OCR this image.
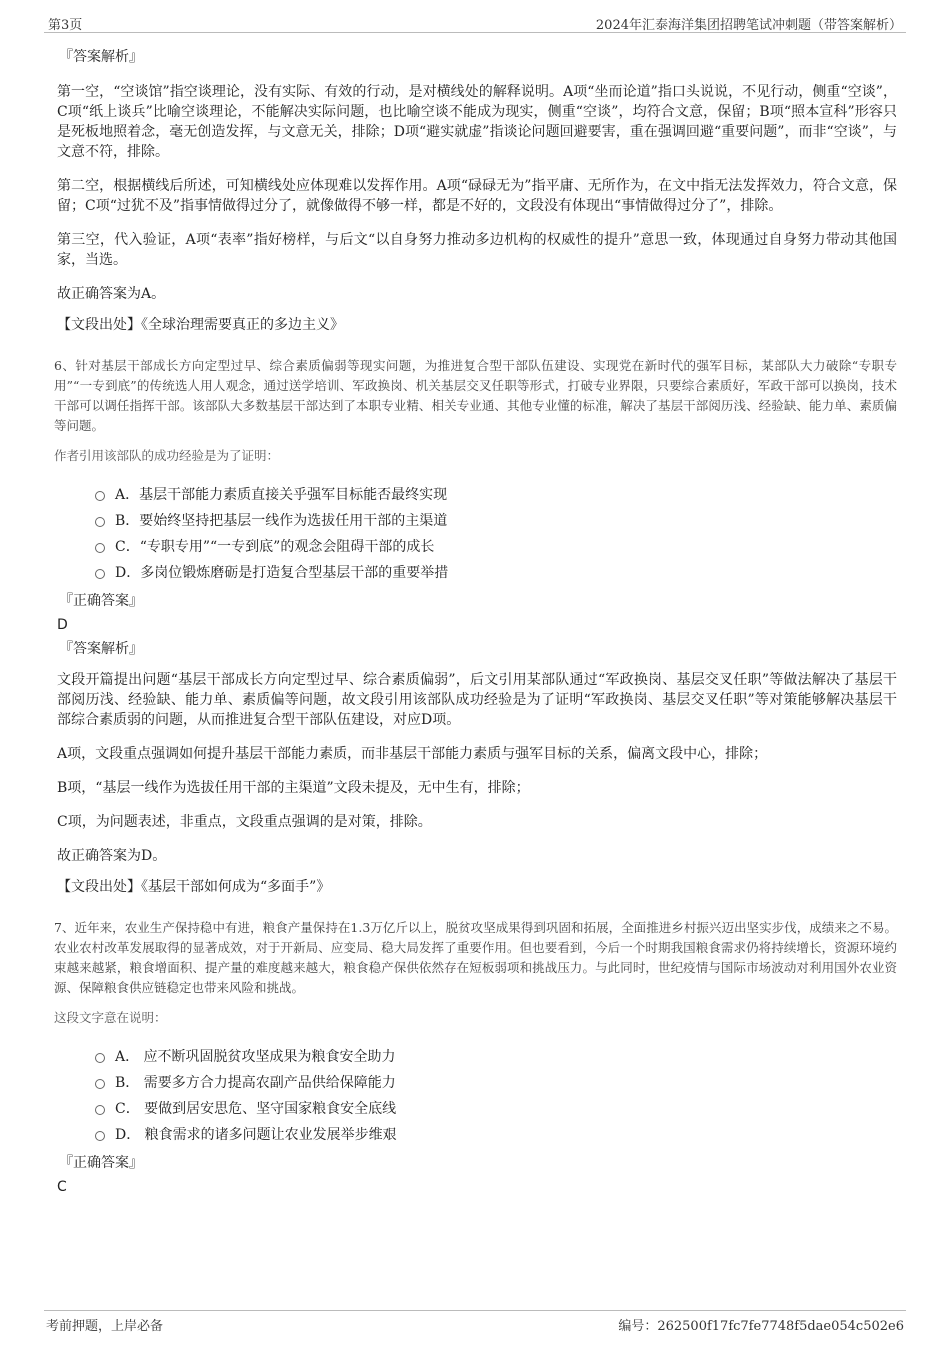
第3页	2024年汇泰海洋集团招聘笔试冲刺题（带答案解析）
『答案解析』

第一空，“空谈馆”指空谈理论，没有实际、有效的行动，是对横线处的解释说明。A项“坐而论道”指口头说说，不见行动，侧重“空谈”，C项“纸上谈兵”比喻空谈理论，不能解决实际问题，也比喻空谈不能成为现实，侧重“空谈”，均符合文意，保留；B项“照本宣科”形容只是死板地照着念，毫无创造发挥，与文意无关，排除；D项“避实就虚”指谈论问题回避要害，重在强调回避“重要问题”，而非“空谈”，与文意不符，排除。

第二空，根据横线后所述，可知横线处应体现难以发挥作用。A项“碌碌无为”指平庸、无所作为，在文中指无法发挥效力，符合文意，保留；C项“过犹不及”指事情做得过分了，就像做得不够一样，都是不好的，文段没有体现出“事情做得过分了”，排除。

第三空，代入验证，A项“表率”指好榜样，与后文“以自身努力推动多边机构的权威性的提升”意思一致，体现通过自身努力带动其他国家，当选。

故正确答案为A。

【文段出处】《全球治理需要真正的多边主义》

6、针对基层干部成长方向定型过早、综合素质偏弱等现实问题，为推进复合型干部队伍建设、实现党在新时代的强军目标，某部队大力破除“专职专用”“一专到底”的传统选人用人观念，通过送学培训、军政换岗、机关基层交叉任职等形式，打破专业界限，只要综合素质好，军政干部可以换岗，技术干部可以调任指挥干部。该部队大多数基层干部达到了本职专业精、相关专业通、其他专业懂的标准，解决了基层干部阅历浅、经验缺、能力单、素质偏等问题。

作者引用该部队的成功经验是为了证明：
A．基层干部能力素质直接关乎强军目标能否最终实现
B．要始终坚持把基层一线作为选拔任用干部的主渠道
C．“专职专用”“一专到底”的观念会阻碍干部的成长
D．多岗位锻炼磨砺是打造复合型基层干部的重要举措
『正确答案』
D
『答案解析』

文段开篇提出问题“基层干部成长方向定型过早、综合素质偏弱”，后文引用某部队通过“军政换岗、基层交叉任职”等做法解决了基层干部阅历浅、经验缺、能力单、素质偏等问题，故文段引用该部队成功经验是为了证明“军政换岗、基层交叉任职”等对策能够解决基层干部综合素质弱的问题，从而推进复合型干部队伍建设，对应D项。

A项，文段重点强调如何提升基层干部能力素质，而非基层干部能力素质与强军目标的关系，偏离文段中心，排除；

B项，“基层一线作为选拔任用干部的主渠道”文段未提及，无中生有，排除；

C项，为问题表述，非重点，文段重点强调的是对策，排除。

故正确答案为D。

【文段出处】《基层干部如何成为“多面手”》

7、近年来，农业生产保持稳中有进，粮食产量保持在1.3万亿斤以上，脱贫攻坚成果得到巩固和拓展，全面推进乡村振兴迈出坚实步伐，成绩来之不易。农业农村改革发展取得的显著成效，对于开新局、应变局、稳大局发挥了重要作用。但也要看到，今后一个时期我国粮食需求仍将持续增长，资源环境约束越来越紧，粮食增面积、提产量的难度越来越大，粮食稳产保供依然存在短板弱项和挑战压力。与此同时，世纪疫情与国际市场波动对利用国外农业资源、保障粮食供应链稳定也带来风险和挑战。

这段文字意在说明：
A． 应不断巩固脱贫攻坚成果为粮食安全助力
B． 需要多方合力提高农副产品供给保障能力
C． 要做到居安思危、坚守国家粮食安全底线
D． 粮食需求的诸多问题让农业发展举步维艰
『正确答案』
C
考前押题，上岸必备	编号：262500f17fc7fe7748f5dae054c502e6
